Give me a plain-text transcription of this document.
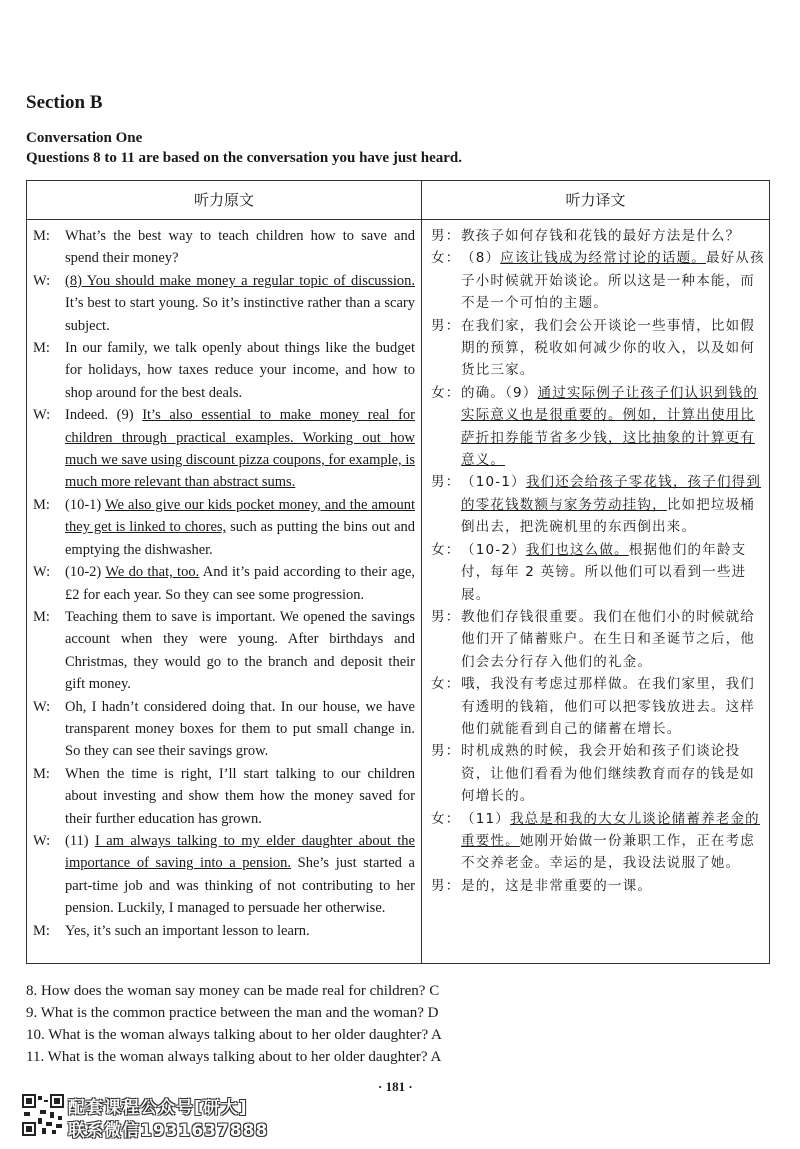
Section B
Conversation One
Questions 8 to 11 are based on the conversation you have just heard.
听力原文	听力译文
M:	What’s the best way to teach children how to save and spend their money?
W:	(8) You should make money a regular topic of discussion. It’s best to start young. So it’s instinctive rather than a scary subject.
M:	In our family, we talk openly about things like the budget for holidays, how taxes reduce your income, and how to shop around for the best deals.
W:	Indeed. (9) It’s also essential to make money real for children through practical examples. Working out how much we save using discount pizza coupons, for example, is much more relevant than abstract sums.
M:	(10-1) We also give our kids pocket money, and the amount they get is linked to chores, such as putting the bins out and emptying the dishwasher.
W:	(10-2) We do that, too. And it’s paid according to their age, £2 for each year. So they can see some progression.
M:	Teaching them to save is important. We opened the savings account when they were young. After birthdays and Christmas, they would go to the branch and deposit their gift money.
W:	Oh, I hadn’t considered doing that. In our house, we have transparent money boxes for them to put small change in. So they can see their savings grow.
M:	When the time is right, I’ll start talking to our children about investing and show them how the money saved for their further education has grown.
W:	(11) I am always talking to my elder daughter about the importance of saving into a pension. She’s just started a part-time job and was thinking of not contributing to her pension. Luckily, I managed to persuade her otherwise.
M:	Yes, it’s such an important lesson to learn.
男： 教孩子如何存钱和花钱的最好方法是什么？
女： （8）应该让钱成为经常讨论的话题。最好从孩子小时候就开始谈论。所以这是一种本能，而不是一个可怕的主题。
男： 在我们家，我们会公开谈论一些事情，比如假期的预算，税收如何减少你的收入，以及如何货比三家。
女： 的确。（9）通过实际例子让孩子们认识到钱的实际意义也是很重要的。例如，计算出使用比萨折扣券能节省多少钱，这比抽象的计算更有意义。
男： （10-1）我们还会给孩子零花钱，孩子们得到的零花钱数额与家务劳动挂钩，比如把垃圾桶倒出去，把洗碗机里的东西倒出来。
女： （10-2）我们也这么做。根据他们的年龄支付，每年 2 英镑。所以他们可以看到一些进展。
男： 教他们存钱很重要。我们在他们小的时候就给他们开了储蓄账户。在生日和圣诞节之后，他们会去分行存入他们的礼金。
女： 哦，我没有考虑过那样做。在我们家里，我们有透明的钱箱，他们可以把零钱放进去。这样他们就能看到自己的储蓄在增长。
男： 时机成熟的时候，我会开始和孩子们谈论投资，让他们看看为他们继续教育而存的钱是如何增长的。
女： （11）我总是和我的大女儿谈论储蓄养老金的重要性。她刚开始做一份兼职工作，正在考虑不交养老金。幸运的是，我设法说服了她。
男： 是的，这是非常重要的一课。
8. How does the woman say money can be made real for children? C
9. What is the common practice between the man and the woman? D
10. What is the woman always talking about to her older daughter? A
11. What is the woman always talking about to her older daughter? A
· 181 ·
配套课程公众号[研大]
联系微信1931637888
